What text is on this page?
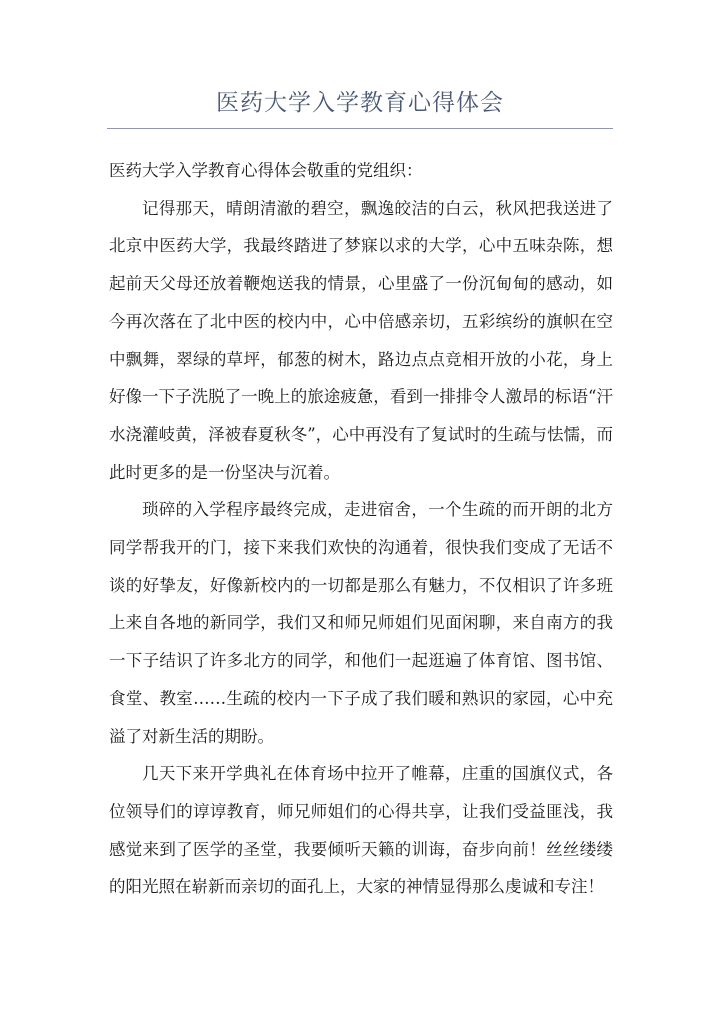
医药大学入学教育心得体会

医药大学入学教育心得体会敬重的党组织：

记得那天，晴朗清澈的碧空，飘逸皎洁的白云，秋风把我送进了北京中医药大学，我最终踏进了梦寐以求的大学，心中五味杂陈，想起前天父母还放着鞭炮送我的情景，心里盛了一份沉甸甸的感动，如今再次落在了北中医的校内中，心中倍感亲切，五彩缤纷的旗帜在空中飘舞，翠绿的草坪，郁葱的树木，路边点点竞相开放的小花，身上好像一下子洗脱了一晚上的旅途疲惫，看到一排排令人激昂的标语“汗水浇灌岐黄，泽被春夏秋冬”，心中再没有了复试时的生疏与怯懦，而此时更多的是一份坚决与沉着。

琐碎的入学程序最终完成，走进宿舍，一个生疏的而开朗的北方同学帮我开的门，接下来我们欢快的沟通着，很快我们变成了无话不谈的好挚友，好像新校内的一切都是那么有魅力，不仅相识了许多班上来自各地的新同学，我们又和师兄师姐们见面闲聊，来自南方的我一下子结识了许多北方的同学，和他们一起逛遍了体育馆、图书馆、食堂、教室……生疏的校内一下子成了我们暖和熟识的家园，心中充溢了对新生活的期盼。

几天下来开学典礼在体育场中拉开了帷幕，庄重的国旗仪式，各位领导们的谆谆教育，师兄师姐们的心得共享，让我们受益匪浅，我感觉来到了医学的圣堂，我要倾听天籁的训诲，奋步向前！丝丝缕缕的阳光照在崭新而亲切的面孔上，大家的神情显得那么虔诚和专注！
